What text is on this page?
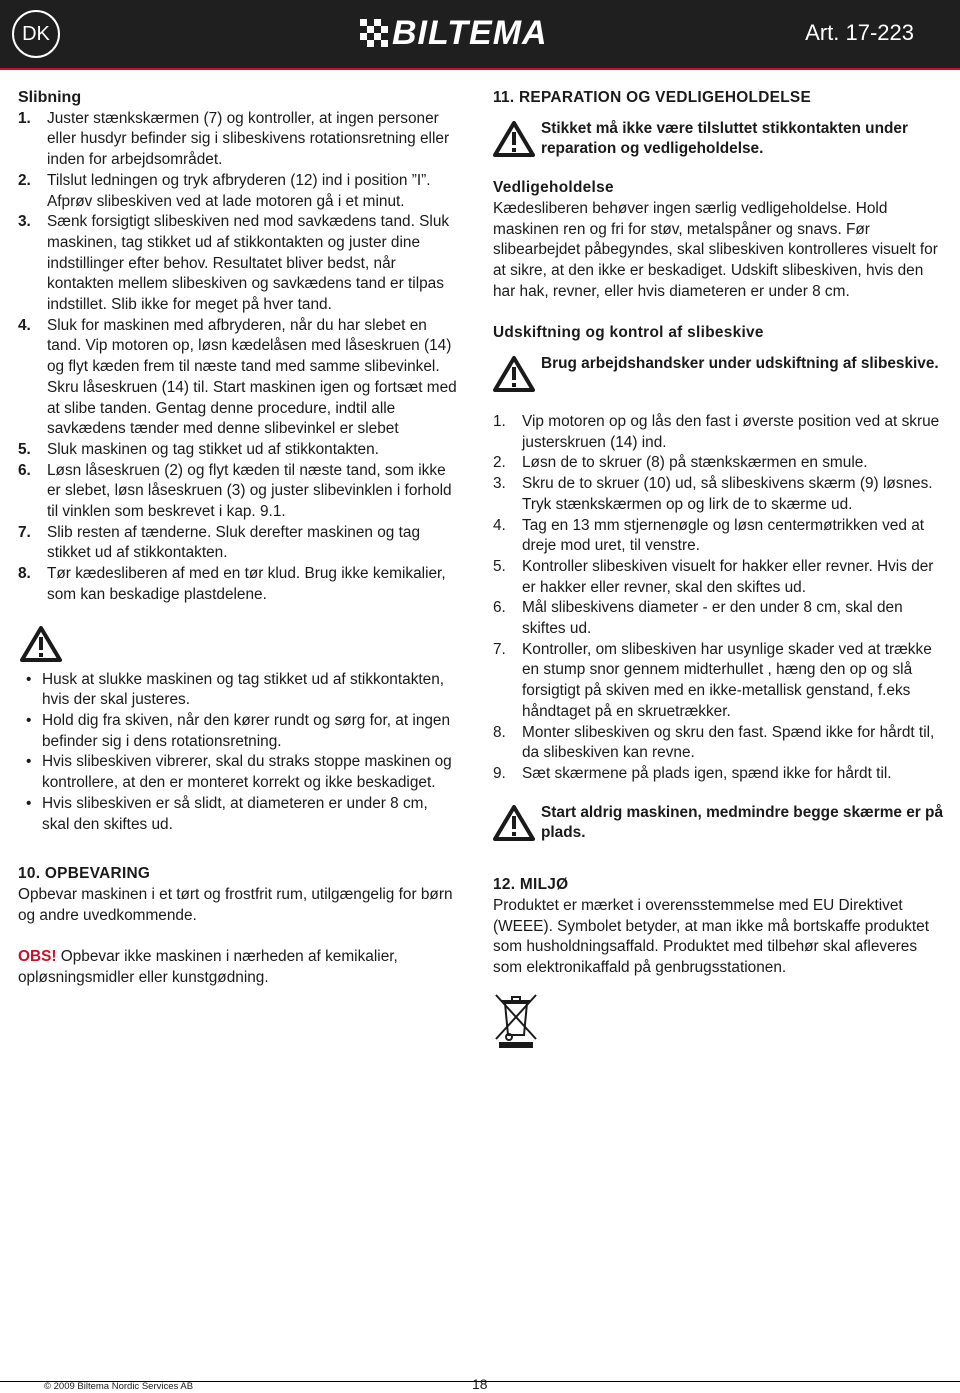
DK	BILTEMA	Art. 17-223
Slibning
1. Juster stænkskærmen (7) og kontroller, at ingen personer eller husdyr befinder sig i slibeskivens rotationsretning eller inden for arbejdsområdet.
2. Tilslut ledningen og tryk afbryderen (12) ind i position ”I”. Afprøv slibeskiven ved at lade motoren gå i et minut.
3. Sænk forsigtigt slibeskiven ned mod savkædens tand. Sluk maskinen, tag stikket ud af stikkontakten og juster dine indstillinger efter behov. Resultatet bliver bedst, når kontakten mellem slibeskiven og savkædens tand er tilpas indstillet. Slib ikke for meget på hver tand.
4. Sluk for maskinen med afbryderen, når du har slebet en tand. Vip motoren op, løsn kædelåsen med låseskruen (14) og flyt kæden frem til næste tand med samme slibevinkel. Skru låseskruen (14) til. Start maskinen igen og fortsæt med at slibe tanden. Gentag denne procedure, indtil alle savkædens tænder med denne slibevinkel er slebet
5. Sluk maskinen og tag stikket ud af stikkontakten.
6. Løsn låseskruen (2) og flyt kæden til næste tand, som ikke er slebet, løsn låseskruen (3) og juster slibevinklen i forhold til vinklen som beskrevet i kap. 9.1.
7. Slib resten af tænderne. Sluk derefter maskinen og tag stikket ud af stikkontakten.
8. Tør kædesliberen af med en tør klud. Brug ikke kemikalier, som kan beskadige plastdelene.
• Husk at slukke maskinen og tag stikket ud af stikkontakten, hvis der skal justeres.
• Hold dig fra skiven, når den kører rundt og sørg for, at ingen befinder sig i dens rotationsretning.
• Hvis slibeskiven vibrerer, skal du straks stoppe maskinen og kontrollere, at den er monteret korrekt og ikke beskadiget.
• Hvis slibeskiven er så slidt, at diameteren er under 8 cm, skal den skiftes ud.
10. OPBEVARING
Opbevar maskinen i et tørt og frostfrit rum, utilgængelig for børn og andre uvedkommende.
OBS! Opbevar ikke maskinen i nærheden af kemikalier, opløsningsmidler eller kunstgødning.
11. REPARATION OG VEDLIGEHOLDELSE
Stikket må ikke være tilsluttet stikkontakten under reparation og vedligeholdelse.
Vedligeholdelse
Kædesliberen behøver ingen særlig vedligeholdelse. Hold maskinen ren og fri for støv, metalspåner og snavs. Før slibearbejdet påbegyndes, skal slibeskiven kontrolleres visuelt for at sikre, at den ikke er beskadiget. Udskift slibeskiven, hvis den har hak, revner, eller hvis diameteren er under 8 cm.
Udskiftning og kontrol af slibeskive
Brug arbejdshandsker under udskiftning af slibeskive.
1. Vip motoren op og lås den fast i øverste position ved at skrue justerskruen (14) ind.
2. Løsn de to skruer (8) på stænkskærmen en smule.
3. Skru de to skruer (10) ud, så slibeskivens skærm (9) løsnes. Tryk stænkskærmen op og lirk de to skærme ud.
4. Tag en 13 mm stjernenøgle og løsn centermøtrikken ved at dreje mod uret, til venstre.
5. Kontroller slibeskiven visuelt for hakker eller revner. Hvis der er hakker eller revner, skal den skiftes ud.
6. Mål slibeskivens diameter - er den under 8 cm, skal den skiftes ud.
7. Kontroller, om slibeskiven har usynlige skader ved at trække en stump snor gennem midterhullet , hæng den op og slå forsigtigt på skiven med en ikke-metallisk genstand, f.eks håndtaget på en skruetrækker.
8. Monter slibeskiven og skru den fast. Spænd ikke for hårdt til, da slibeskiven kan revne.
9. Sæt skærmene på plads igen, spænd ikke for hårdt til.
Start aldrig maskinen, medmindre begge skærme er på plads.
12. MILJØ
Produktet er mærket i overensstemmelse med EU Direktivet (WEEE). Symbolet betyder, at man ikke må bortskaffe produktet som husholdningsaffald. Produktet med tilbehør skal afleveres som elektronikaffald på genbrugsstationen.
© 2009 Biltema Nordic Services AB	18
